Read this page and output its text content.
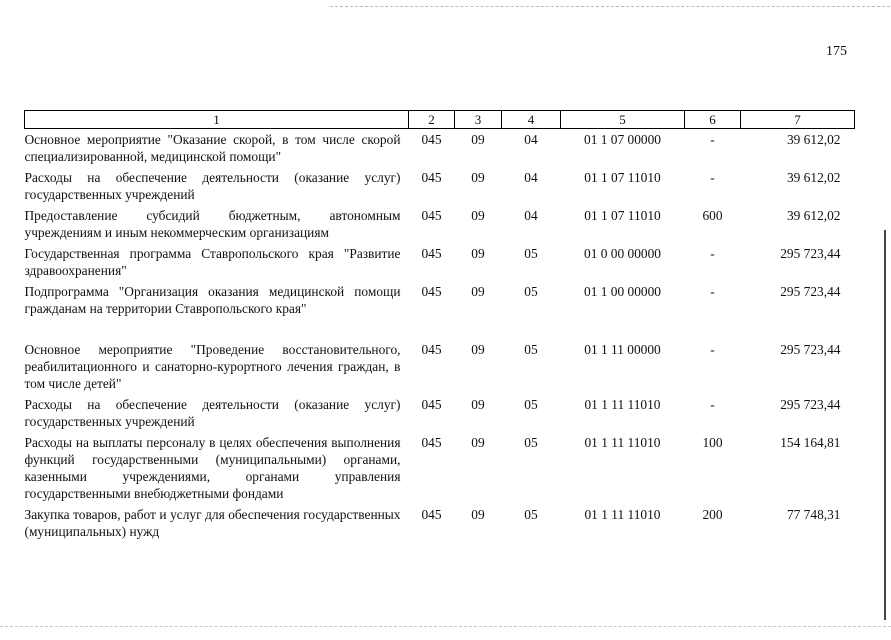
175
1	2	3	4	5	6	7
Основное мероприятие "Оказание скорой, в том числе скорой специализированной, медицинской помощи"	045	09	04	01 1 07 00000	-	39 612,02
Расходы на обеспечение деятельности (оказание услуг) государственных учреждений	045	09	04	01 1 07 11010	-	39 612,02
Предоставление субсидий бюджетным, автономным учреждениям и иным некоммерческим организациям	045	09	04	01 1 07 11010	600	39 612,02
Государственная программа Ставропольского края "Развитие здравоохранения"	045	09	05	01 0 00 00000	-	295 723,44
Подпрограмма "Организация оказания медицинской помощи гражданам на территории Ставропольского края"	045	09	05	01 1 00 00000	-	295 723,44
Основное мероприятие "Проведение восстановительного, реабилитационного и санаторно-курортного лечения граждан, в том числе детей"	045	09	05	01 1 11 00000	-	295 723,44
Расходы на обеспечение деятельности (оказание услуг) государственных учреждений	045	09	05	01 1 11 11010	-	295 723,44
Расходы на выплаты персоналу в целях обеспечения выполнения функций государственными (муниципальными) органами, казенными учреждениями, органами управления государственными внебюджетными фондами	045	09	05	01 1 11 11010	100	154 164,81
Закупка товаров, работ и услуг для обеспечения государственных (муниципальных) нужд	045	09	05	01 1 11 11010	200	77 748,31
